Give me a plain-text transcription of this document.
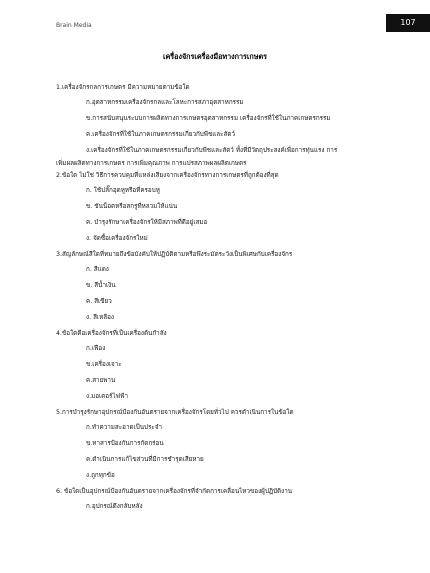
Brain Media	107
เครื่องจักรเครื่องมือทางการเกษตร
1.เครื่องจักรกลการเกษตร มีความหมายตามข้อใด
ก.อุตสาหกรรมเครื่องจักรกลและโลหะการสภาอุตสาหกรรม
ข.การสนับสนุนระบบการผลิตทางการเกษตรอุตสาหกรรม เครื่องจักรที่ใช้ในภาคเกษตรกรรม
ค.เครื่องจักรที่ใช้ในภาคเกษตรกรรมเกี่ยวกับพืชและสัตว์
ง.เครื่องจักรที่ใช้ในภาคเกษตรกรรมเกี่ยวกับพืชและสัตว์ ทั้งที่มีวัตถุประสงค์เพื่อการทุ่นแรง การ
เพิ่มผลผลิตทางการเกษตร การเพิ่มคุณภาพ การแปรสภาพผลผลิตเกษตร
2.ข้อใด ไม่ใช่ วิธีการควบคุมที่แหล่งเสียงจากเครื่องจักรทางการเกษตรที่ถูกต้องที่สุด
ก. ใช้ปลั๊กอุดหูหรือที่ครอบหู
ข. ขันน็อตหรือสกรูที่หลวมให้แน่น
ค. บำรุงรักษาเครื่องจักรให้มีสภาพที่ดีอยู่เสมอ
ง. จัดซื้อเครื่องจักรใหม่
3.สัญลักษณ์สีใดที่หมายถึงข้อบังคับให้ปฏิบัติตามหรือพึงระมัดระวังเป็นพิเศษกับเครื่องจักร
ก. สีแดง
ข. สีน้ำเงิน
ค. สีเขียว
ง. สีเหลือง
4.ข้อใดคือเครื่องจักรที่เป็นเครื่องต้นกำลัง
ก.เฟือง
ข.เครื่องเจาะ
ค.สายพาน
ง.มอเตอร์ไฟฟ้า
5.การบำรุงรักษาอุปกรณ์ป้องกันอันตรายจากเครื่องจักรโดยทั่วไป ควรดำเนินการในข้อใด
ก.ทำความสะอาดเป็นประจำ
ข.ทาสารป้องกันการกัดกร่อน
ค.ดำเนินการแก้ไขส่วนที่มีการชำรุดเสียหาย
ง.ถูกทุกข้อ
6. ข้อใดเป็นอุปกรณ์ป้องกันอันตรายจากเครื่องจักรที่จำกัดการเคลื่อนไหวของผู้ปฏิบัติงาน
ก.อุปกรณ์ดึงกลับหลัง
